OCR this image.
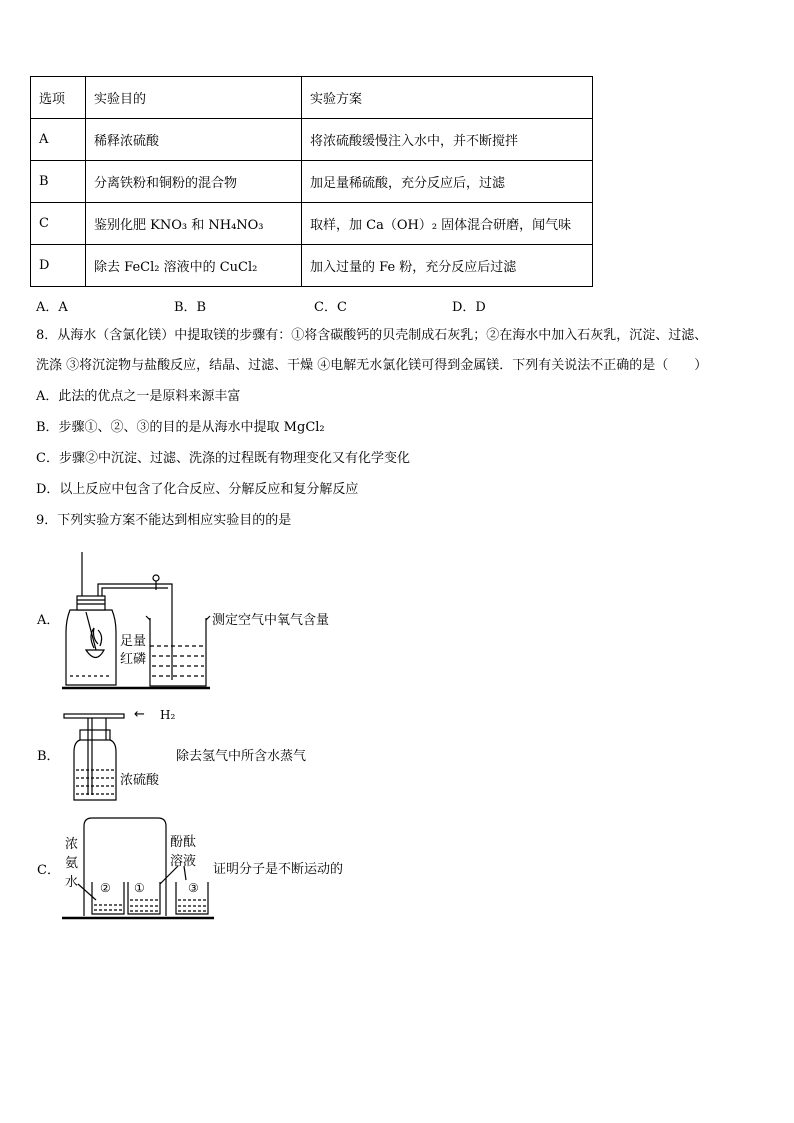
选项	实验目的	实验方案
A	稀释浓硫酸	将浓硫酸缓慢注入水中，并不断搅拌
B	分离铁粉和铜粉的混合物	加足量稀硫酸，充分反应后，过滤
C	鉴别化肥 KNO₃ 和 NH₄NO₃	取样，加 Ca（OH）₂ 固体混合研磨，闻气味
D	除去 FeCl₂ 溶液中的 CuCl₂	加入过量的 Fe 粉，充分反应后过滤
A．A	B．B	C．C	D．D
8．从海水（含氯化镁）中提取镁的步骤有：①将含碳酸钙的贝壳制成石灰乳；②在海水中加入石灰乳，沉淀、过滤、
洗涤 ③将沉淀物与盐酸反应，结晶、过滤、干燥 ④电解无水氯化镁可得到金属镁．下列有关说法不正确的是（　　）
A．此法的优点之一是原料来源丰富
B．步骤①、②、③的目的是从海水中提取 MgCl₂
C．步骤②中沉淀、过滤、洗涤的过程既有物理变化又有化学变化
D．以上反应中包含了化合反应、分解反应和复分解反应
9．下列实验方案不能达到相应实验目的的是
A．	测定空气中氧气含量
足量
红磷
B．	除去氢气中所含水蒸气
← H₂
浓硫酸
C．	证明分子是不断运动的
浓
氨
水
酚酞
溶液
② ①	③
